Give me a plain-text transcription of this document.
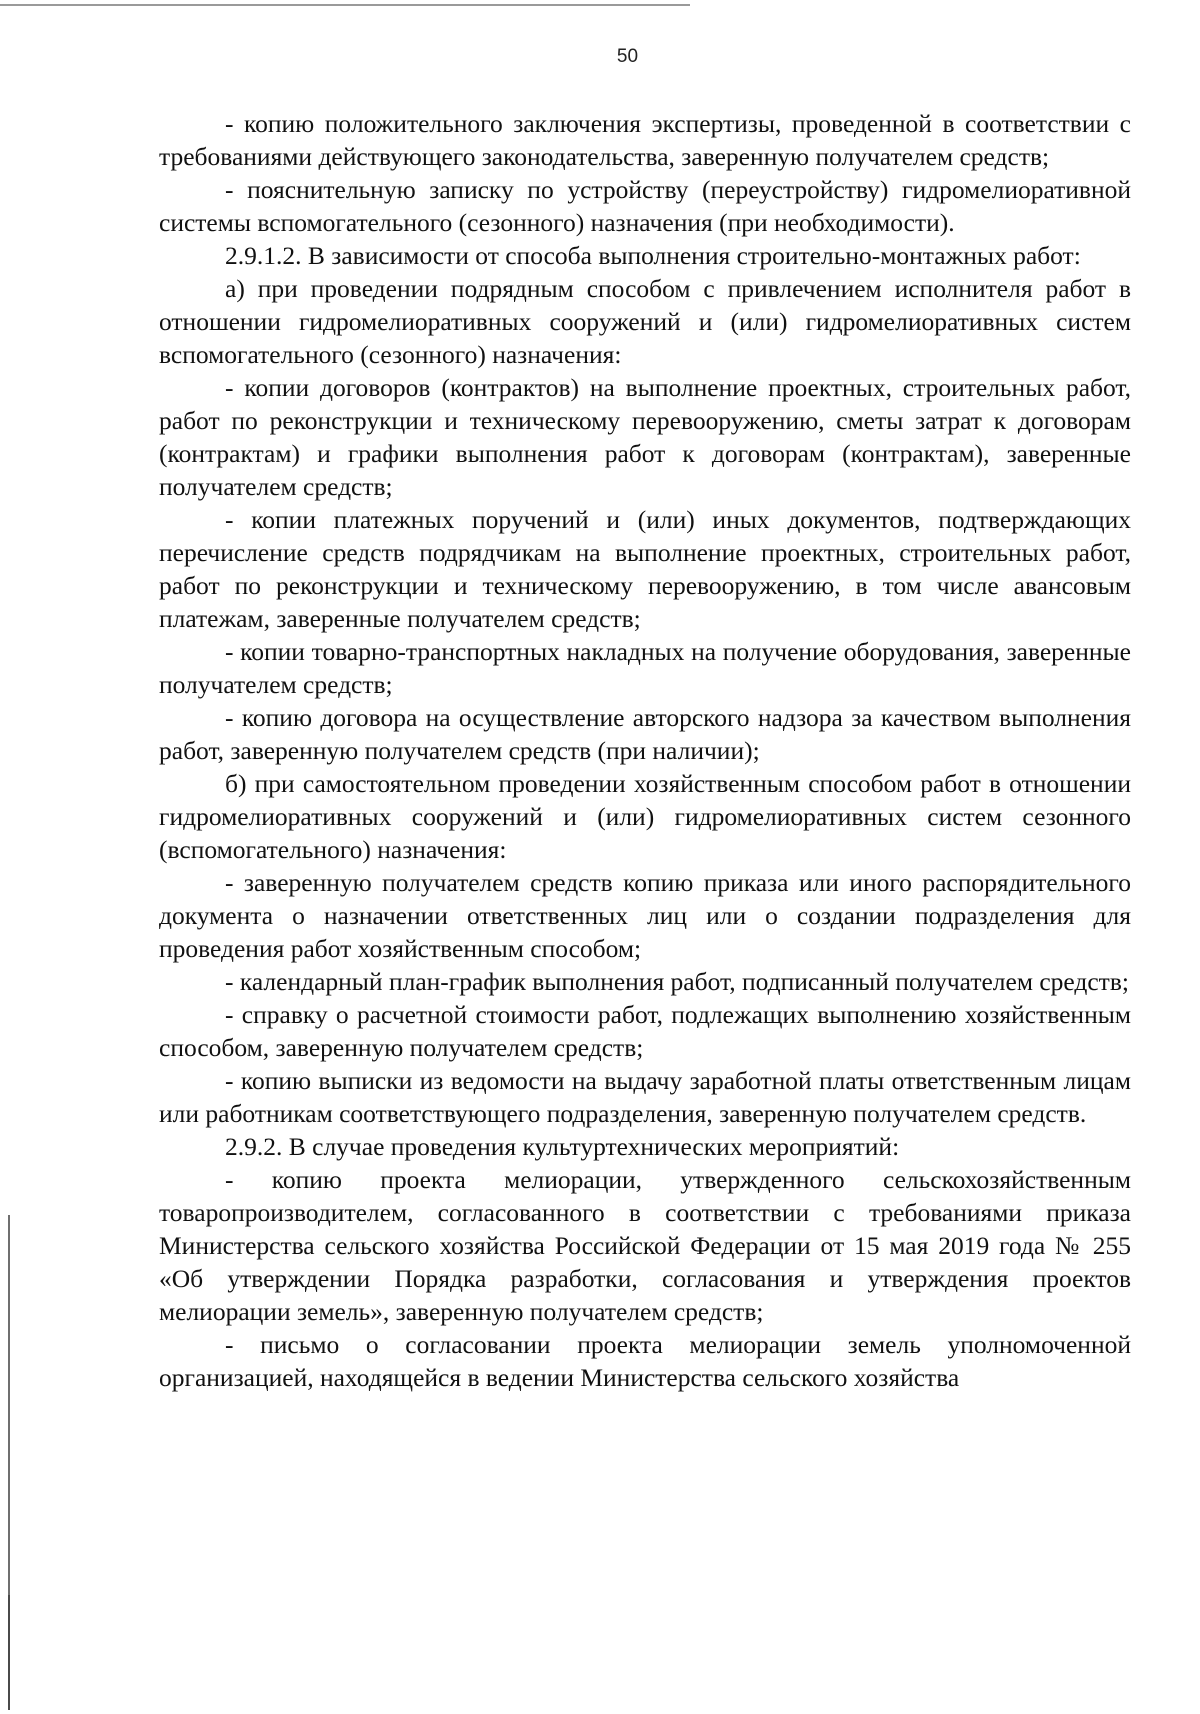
50

- копию положительного заключения экспертизы, проведенной в соответствии с требованиями действующего законодательства, заверенную получателем средств;

- пояснительную записку по устройству (переустройству) гидромелиоративной системы вспомогательного (сезонного) назначения (при необходимости).

2.9.1.2. В зависимости от способа выполнения строительно-монтажных работ:

а) при проведении подрядным способом с привлечением исполнителя работ в отношении гидромелиоративных сооружений и (или) гидромелиоративных систем вспомогательного (сезонного) назначения:

- копии договоров (контрактов) на выполнение проектных, строительных работ, работ по реконструкции и техническому перевооружению, сметы затрат к договорам (контрактам) и графики выполнения работ к договорам (контрактам), заверенные получателем средств;

- копии платежных поручений и (или) иных документов, подтверждающих перечисление средств подрядчикам на выполнение проектных, строительных работ, работ по реконструкции и техническому перевооружению, в том числе авансовым платежам, заверенные получателем средств;

- копии товарно-транспортных накладных на получение оборудования, заверенные получателем средств;

- копию договора на осуществление авторского надзора за качеством выполнения работ, заверенную получателем средств (при наличии);

б) при самостоятельном проведении хозяйственным способом работ в отношении гидромелиоративных сооружений и (или) гидромелиоративных систем сезонного (вспомогательного) назначения:

- заверенную получателем средств копию приказа или иного распорядительного документа о назначении ответственных лиц или о создании подразделения для проведения работ хозяйственным способом;

- календарный план-график выполнения работ, подписанный получателем средств;

- справку о расчетной стоимости работ, подлежащих выполнению хозяйственным способом, заверенную получателем средств;

- копию выписки из ведомости на выдачу заработной платы ответственным лицам или работникам соответствующего подразделения, заверенную получателем средств.

2.9.2. В случае проведения культуртехнических мероприятий:

- копию проекта мелиорации, утвержденного сельскохозяйственным товаропроизводителем, согласованного в соответствии с требованиями приказа Министерства сельского хозяйства Российской Федерации от 15 мая 2019 года № 255 «Об утверждении Порядка разработки, согласования и утверждения проектов мелиорации земель», заверенную получателем средств;

- письмо о согласовании проекта мелиорации земель уполномоченной организацией, находящейся в ведении Министерства сельского хозяйства
